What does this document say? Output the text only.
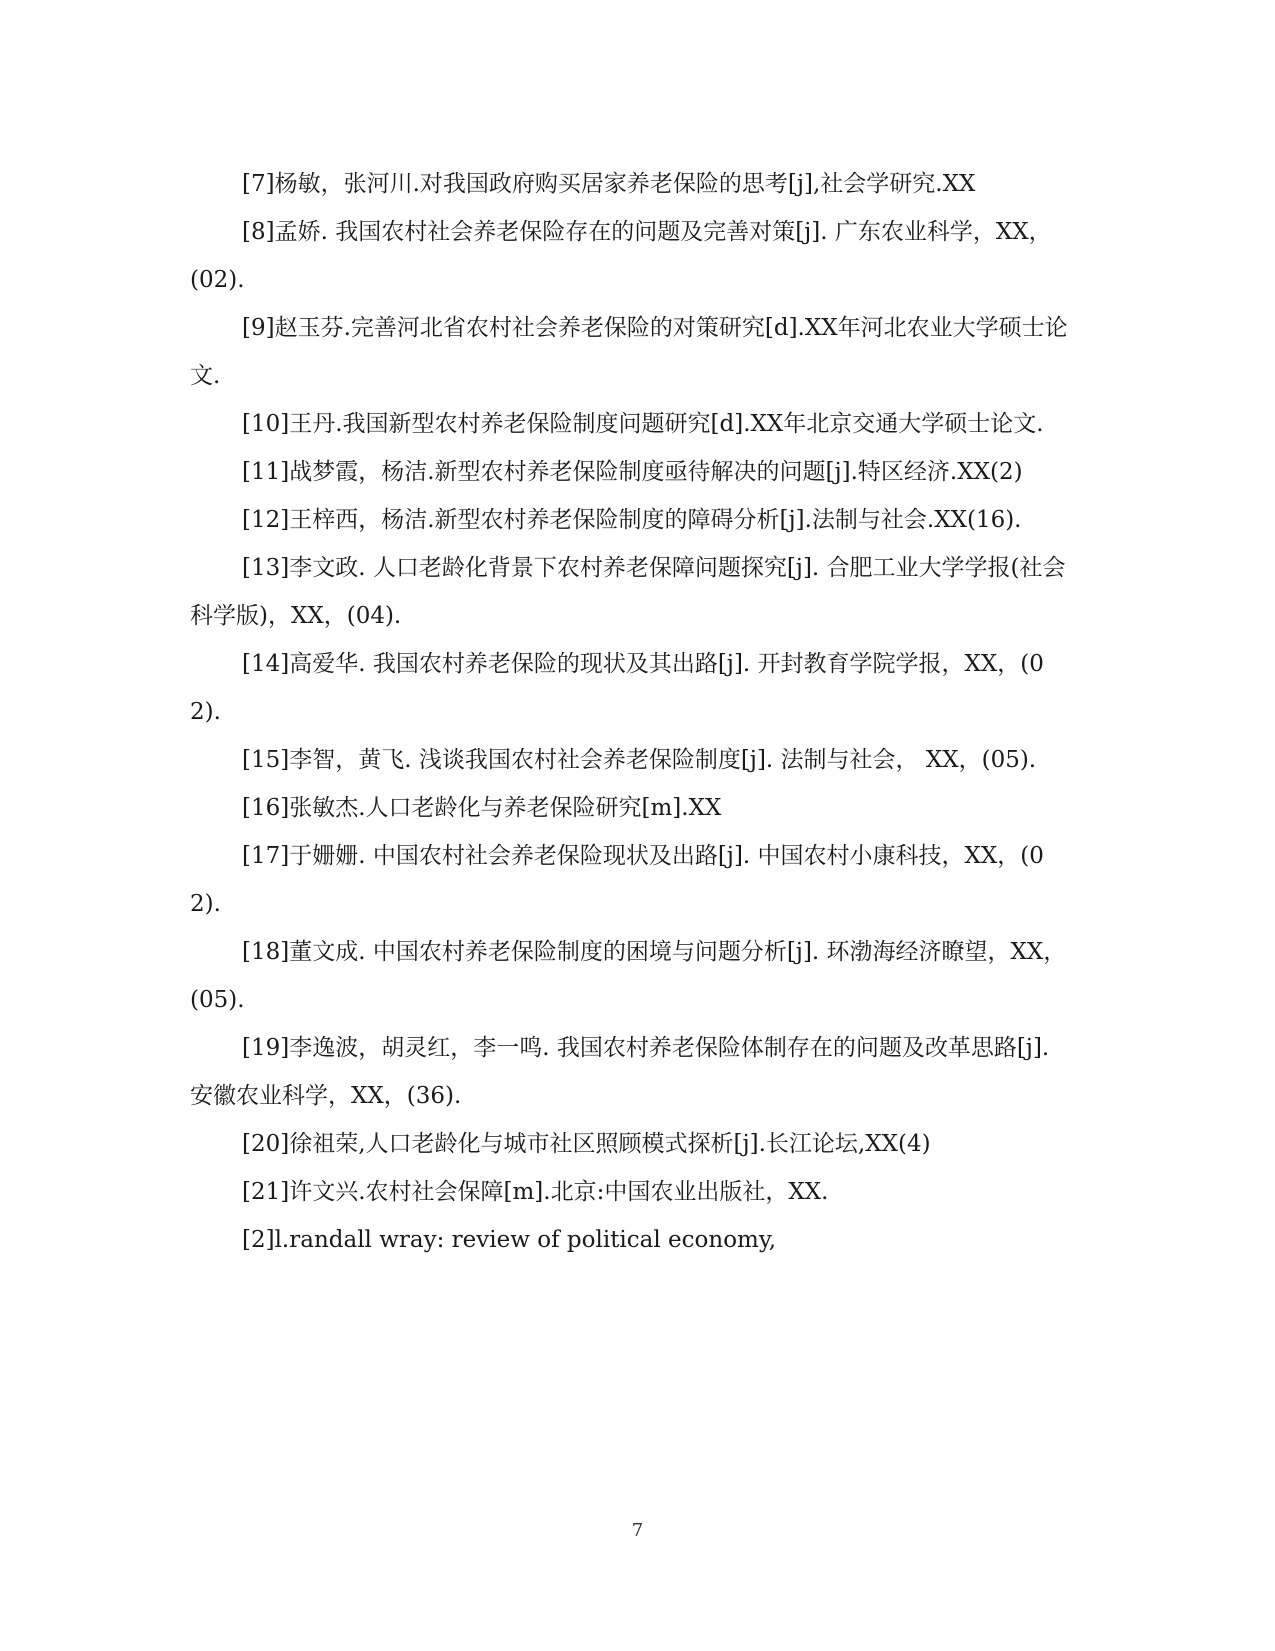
[7]杨敏，张河川.对我国政府购买居家养老保险的思考[j],社会学研究.XX

[8]孟娇. 我国农村社会养老保险存在的问题及完善对策[j]. 广东农业科学，XX，(02).

[9]赵玉芬.完善河北省农村社会养老保险的对策研究[d].XX年河北农业大学硕士论文.

[10]王丹.我国新型农村养老保险制度问题研究[d].XX年北京交通大学硕士论文.

[11]战梦霞，杨洁.新型农村养老保险制度亟待解决的问题[j].特区经济.XX(2)

[12]王梓西，杨洁.新型农村养老保险制度的障碍分析[j].法制与社会.XX(16).

[13]李文政. 人口老龄化背景下农村养老保障问题探究[j]. 合肥工业大学学报(社会科学版)，XX，(04).

[14]高爱华. 我国农村养老保险的现状及其出路[j]. 开封教育学院学报，XX，(02).

[15]李智，黄飞. 浅谈我国农村社会养老保险制度[j]. 法制与社会， XX，(05).

[16]张敏杰.人口老龄化与养老保险研究[m].XX

[17]于姗姗. 中国农村社会养老保险现状及出路[j]. 中国农村小康科技，XX，(02).

[18]董文成. 中国农村养老保险制度的困境与问题分析[j]. 环渤海经济瞭望，XX，(05).

[19]李逸波，胡灵红，李一鸣. 我国农村养老保险体制存在的问题及改革思路[j]. 安徽农业科学，XX，(36).

[20]徐祖荣,人口老龄化与城市社区照顾模式探析[j].长江论坛,XX(4)

[21]许文兴.农村社会保障[m].北京:中国农业出版社，XX.

[2]l.randall wray: review of political economy,

7
